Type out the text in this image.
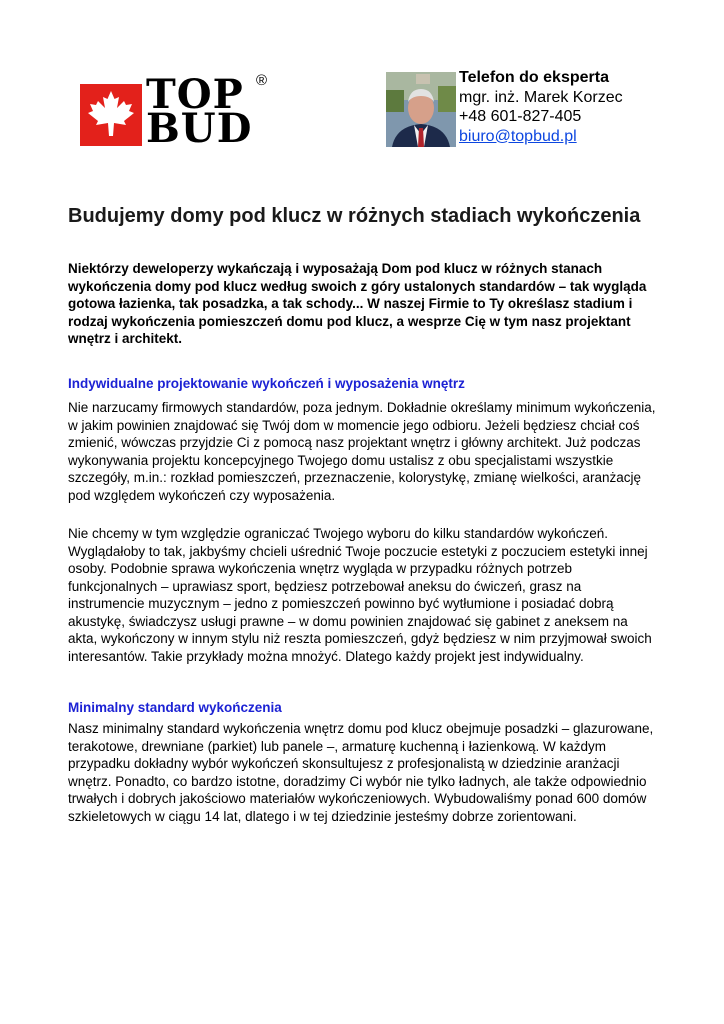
TOP
BUD
®	Telefon do eksperta
mgr. inż. Marek Korzec
+48 601-827-405
biuro@topbud.pl
Budujemy domy pod klucz w różnych stadiach wykończenia

Niektórzy deweloperzy wykańczają i wyposażają Dom pod klucz w różnych stanach wykończenia domy pod klucz według swoich z góry ustalonych standardów – tak wygląda gotowa łazienka, tak posadzka, a tak schody... W naszej Firmie to Ty określasz stadium i rodzaj wykończenia pomieszczeń domu pod klucz, a wesprze Cię w tym nasz projektant wnętrz i architekt.

Indywidualne projektowanie wykończeń i wyposażenia wnętrz

Nie narzucamy firmowych standardów, poza jednym. Dokładnie określamy minimum wykończenia, w jakim powinien znajdować się Twój dom w momencie jego odbioru. Jeżeli będziesz chciał coś zmienić, wówczas przyjdzie Ci z pomocą nasz projektant wnętrz i główny architekt. Już podczas wykonywania projektu koncepcyjnego Twojego domu ustalisz z obu specjalistami wszystkie szczegóły, m.in.: rozkład pomieszczeń, przeznaczenie, kolorystykę, zmianę wielkości, aranżację pod względem wykończeń czy wyposażenia.

Nie chcemy w tym względzie ograniczać Twojego wyboru do kilku standardów wykończeń. Wyglądałoby to tak, jakbyśmy chcieli uśrednić Twoje poczucie estetyki z poczuciem estetyki innej osoby. Podobnie sprawa wykończenia wnętrz wygląda w przypadku różnych potrzeb funkcjonalnych – uprawiasz sport, będziesz potrzebował aneksu do ćwiczeń, grasz na instrumencie muzycznym – jedno z pomieszczeń powinno być wytłumione i posiadać dobrą akustykę, świadczysz usługi prawne – w domu powinien znajdować się gabinet z aneksem na akta, wykończony w innym stylu niż reszta pomieszczeń, gdyż będziesz w nim przyjmował swoich interesantów. Takie przykłady można mnożyć. Dlatego każdy projekt jest indywidualny.

Minimalny standard wykończenia

Nasz minimalny standard wykończenia wnętrz domu pod klucz obejmuje posadzki – glazurowane, terakotowe, drewniane (parkiet) lub panele –, armaturę kuchenną i łazienkową. W każdym przypadku dokładny wybór wykończeń skonsultujesz z profesjonalistą w dziedzinie aranżacji wnętrz. Ponadto, co bardzo istotne, doradzimy Ci wybór nie tylko ładnych, ale także odpowiednio trwałych i dobrych jakościowo materiałów wykończeniowych. Wybudowaliśmy ponad 600 domów szkieletowych w ciągu 14 lat, dlatego i w tej dziedzinie jesteśmy dobrze zorientowani.
